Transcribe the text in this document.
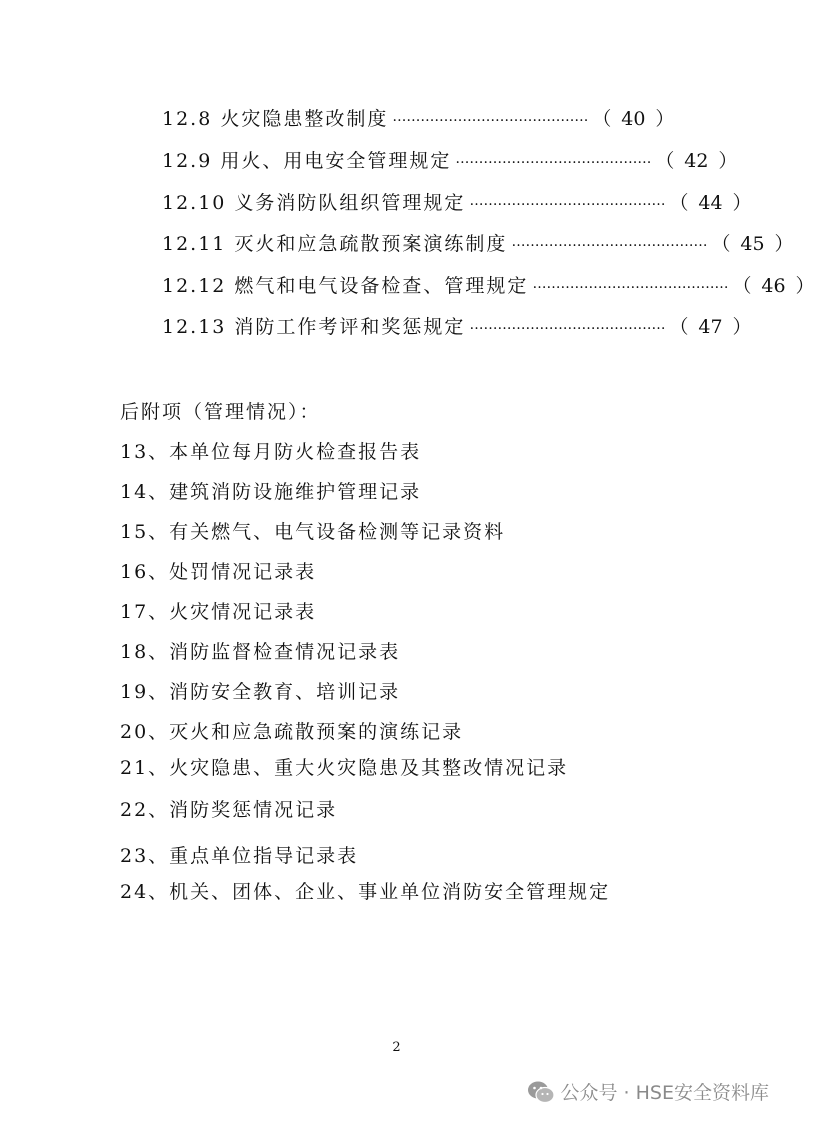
12.8 火灾隐患整改制度 …………………………………… （ 40 ）
12.9 用火、用电安全管理规定 …………………………………… （ 42 ）
12.10 义务消防队组织管理规定 …………………………………… （ 44 ）
12.11 灭火和应急疏散预案演练制度 …………………………………… （ 45 ）
12.12 燃气和电气设备检查、管理规定 …………………………………… （ 46 ）
12.13 消防工作考评和奖惩规定 …………………………………… （ 47 ）
后附项（管理情况）：
13、本单位每月防火检查报告表
14、建筑消防设施维护管理记录
15、有关燃气、电气设备检测等记录资料
16、处罚情况记录表
17、火灾情况记录表
18、消防监督检查情况记录表
19、消防安全教育、培训记录
20、灭火和应急疏散预案的演练记录
21、火灾隐患、重大火灾隐患及其整改情况记录
22、消防奖惩情况记录
23、重点单位指导记录表
24、机关、团体、企业、事业单位消防安全管理规定
2
公众号 · HSE安全资料库
